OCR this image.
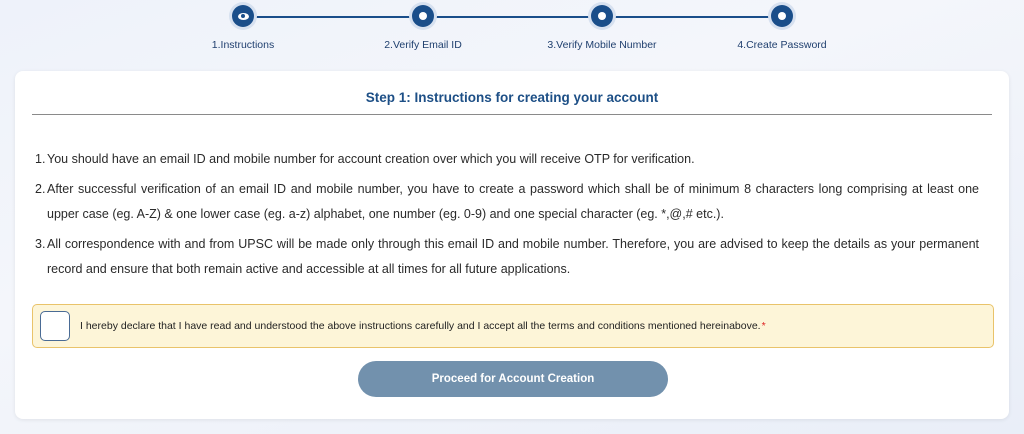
1.Instructions	2.Verify Email ID	3.Verify Mobile Number	4.Create Password
Step 1: Instructions for creating your account
1. You should have an email ID and mobile number for account creation over which you will receive OTP for verification.
2. After successful verification of an email ID and mobile number, you have to create a password which shall be of minimum 8 characters long comprising at least one upper case (eg. A-Z) & one lower case (eg. a-z) alphabet, one number (eg. 0-9) and one special character (eg. *,@,# etc.).
3. All correspondence with and from UPSC will be made only through this email ID and mobile number. Therefore, you are advised to keep the details as your permanent record and ensure that both remain active and accessible at all times for all future applications.
I hereby declare that I have read and understood the above instructions carefully and I accept all the terms and conditions mentioned hereinabove.*
Proceed for Account Creation
